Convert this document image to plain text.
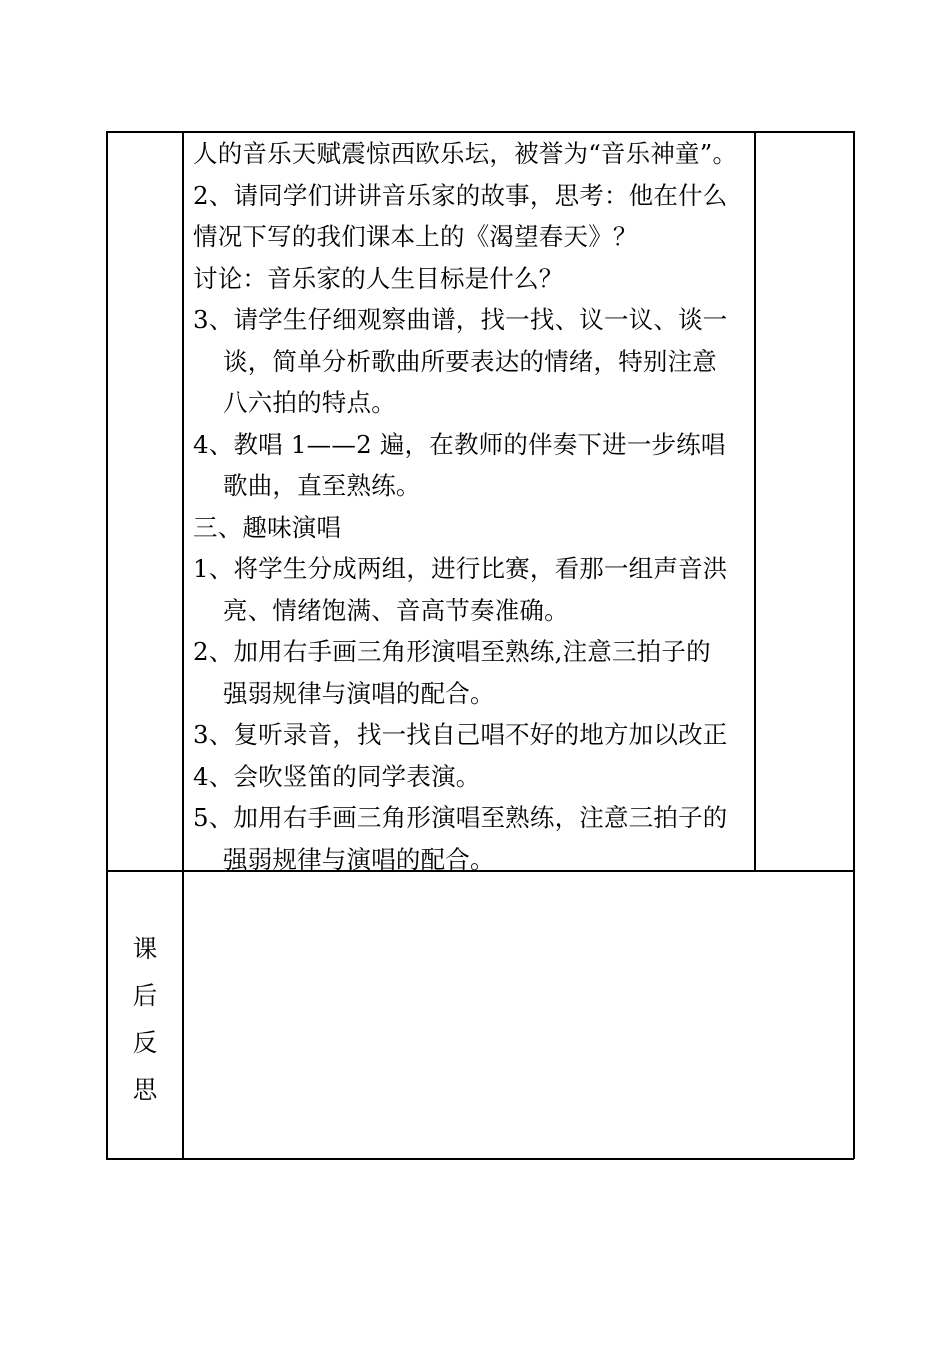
人的音乐天赋震惊西欧乐坛，被誉为“音乐神童”。
2、请同学们讲讲音乐家的故事，思考：他在什么
情况下写的我们课本上的《渴望春天》？
讨论：音乐家的人生目标是什么？
3、请学生仔细观察曲谱，找一找、议一议、谈一
谈，简单分析歌曲所要表达的情绪，特别注意
八六拍的特点。
4、教唱 1——2 遍，在教师的伴奏下进一步练唱
歌曲，直至熟练。
三、趣味演唱
1、将学生分成两组，进行比赛，看那一组声音洪
亮、情绪饱满、音高节奏准确。
2、加用右手画三角形演唱至熟练,注意三拍子的
强弱规律与演唱的配合。
3、复听录音，找一找自己唱不好的地方加以改正
4、会吹竖笛的同学表演。
5、加用右手画三角形演唱至熟练，注意三拍子的
强弱规律与演唱的配合。
课
后
反
思
